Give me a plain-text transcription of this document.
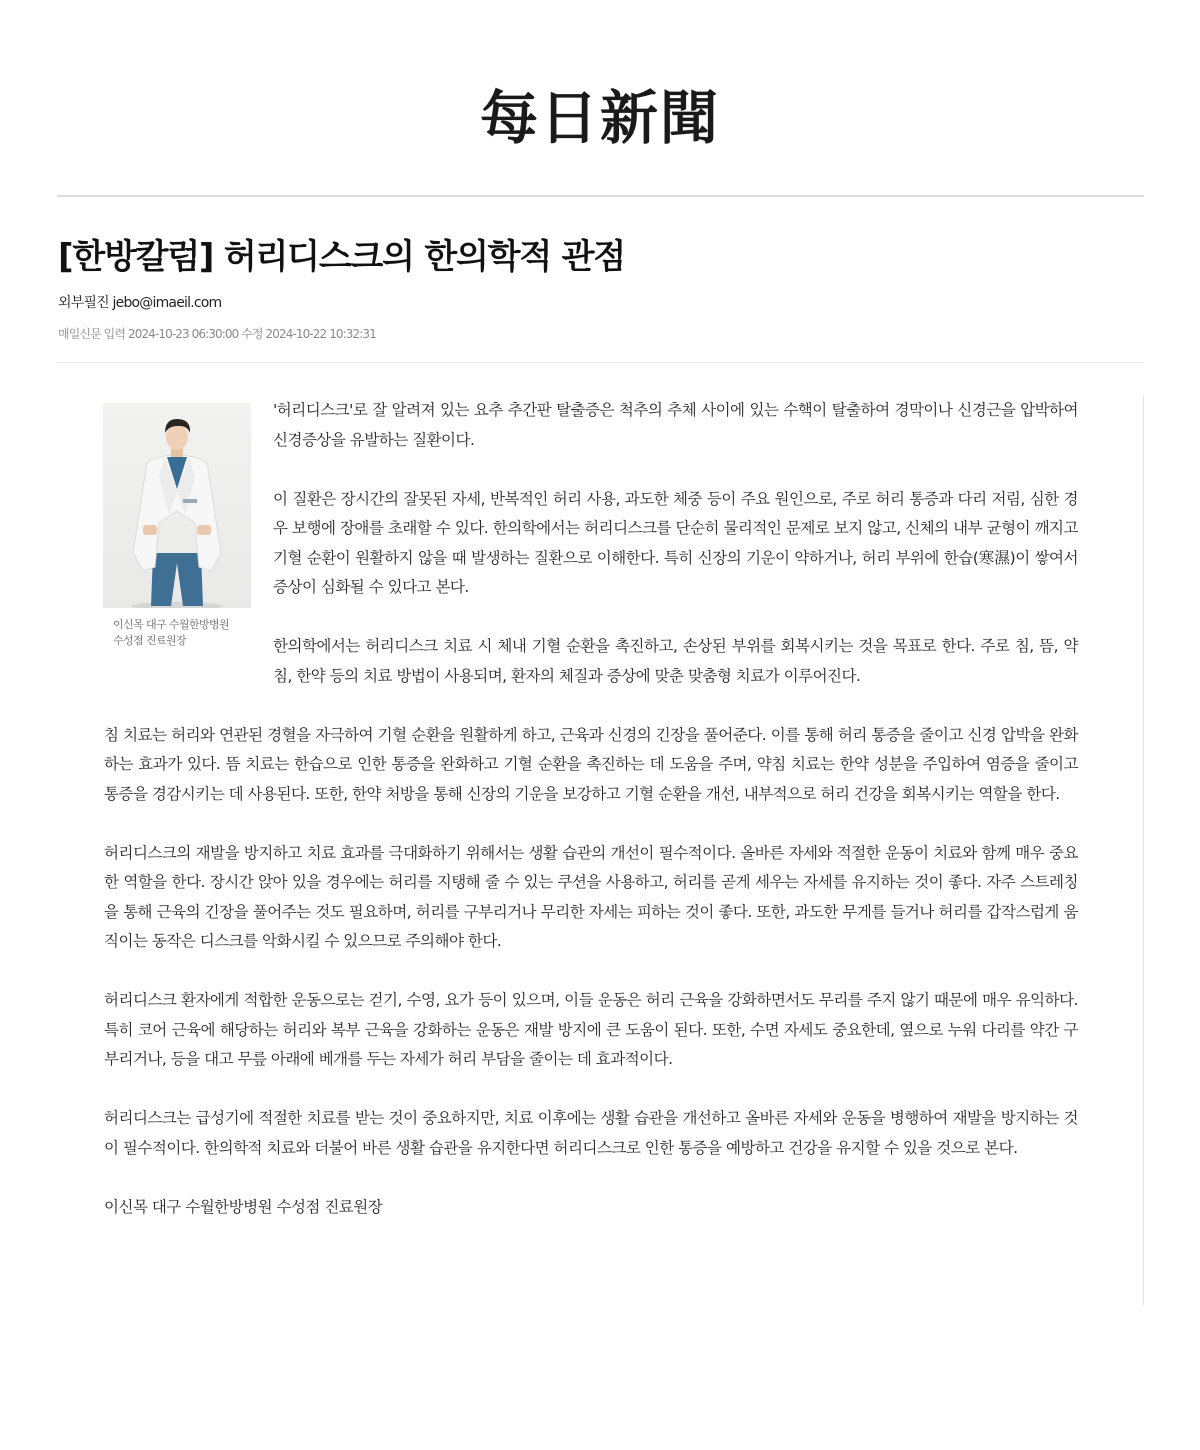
每日新聞
[한방칼럼] 허리디스크의 한의학적 관점
외부필진 jebo@imaeil.com
매일신문 입력 2024-10-23 06:30:00 수정 2024-10-22 10:32:31
이신목 대구 수월한방병원
수성점 진료원장

'허리디스크'로 잘 알려져 있는 요추 추간판 탈출증은 척추의 추체 사이에 있는 수핵이 탈출하여 경막이나 신경근을 압박하여 신경증상을 유발하는 질환이다.

이 질환은 장시간의 잘못된 자세, 반복적인 허리 사용, 과도한 체중 등이 주요 원인으로, 주로 허리 통증과 다리 저림, 심한 경우 보행에 장애를 초래할 수 있다. 한의학에서는 허리디스크를 단순히 물리적인 문제로 보지 않고, 신체의 내부 균형이 깨지고 기혈 순환이 원활하지 않을 때 발생하는 질환으로 이해한다. 특히 신장의 기운이 약하거나, 허리 부위에 한습(寒濕)이 쌓여서 증상이 심화될 수 있다고 본다.

한의학에서는 허리디스크 치료 시 체내 기혈 순환을 촉진하고, 손상된 부위를 회복시키는 것을 목표로 한다. 주로 침, 뜸, 약침, 한약 등의 치료 방법이 사용되며, 환자의 체질과 증상에 맞춘 맞춤형 치료가 이루어진다.

침 치료는 허리와 연관된 경혈을 자극하여 기혈 순환을 원활하게 하고, 근육과 신경의 긴장을 풀어준다. 이를 통해 허리 통증을 줄이고 신경 압박을 완화하는 효과가 있다. 뜸 치료는 한습으로 인한 통증을 완화하고 기혈 순환을 촉진하는 데 도움을 주며, 약침 치료는 한약 성분을 주입하여 염증을 줄이고 통증을 경감시키는 데 사용된다. 또한, 한약 처방을 통해 신장의 기운을 보강하고 기혈 순환을 개선, 내부적으로 허리 건강을 회복시키는 역할을 한다.

허리디스크의 재발을 방지하고 치료 효과를 극대화하기 위해서는 생활 습관의 개선이 필수적이다. 올바른 자세와 적절한 운동이 치료와 함께 매우 중요한 역할을 한다. 장시간 앉아 있을 경우에는 허리를 지탱해 줄 수 있는 쿠션을 사용하고, 허리를 곧게 세우는 자세를 유지하는 것이 좋다. 자주 스트레칭을 통해 근육의 긴장을 풀어주는 것도 필요하며, 허리를 구부리거나 무리한 자세는 피하는 것이 좋다. 또한, 과도한 무게를 들거나 허리를 갑작스럽게 움직이는 동작은 디스크를 악화시킬 수 있으므로 주의해야 한다.

허리디스크 환자에게 적합한 운동으로는 걷기, 수영, 요가 등이 있으며, 이들 운동은 허리 근육을 강화하면서도 무리를 주지 않기 때문에 매우 유익하다. 특히 코어 근육에 해당하는 허리와 복부 근육을 강화하는 운동은 재발 방지에 큰 도움이 된다. 또한, 수면 자세도 중요한데, 옆으로 누워 다리를 약간 구부리거나, 등을 대고 무릎 아래에 베개를 두는 자세가 허리 부담을 줄이는 데 효과적이다.

허리디스크는 급성기에 적절한 치료를 받는 것이 중요하지만, 치료 이후에는 생활 습관을 개선하고 올바른 자세와 운동을 병행하여 재발을 방지하는 것이 필수적이다. 한의학적 치료와 더불어 바른 생활 습관을 유지한다면 허리디스크로 인한 통증을 예방하고 건강을 유지할 수 있을 것으로 본다.

이신목 대구 수월한방병원 수성점 진료원장
